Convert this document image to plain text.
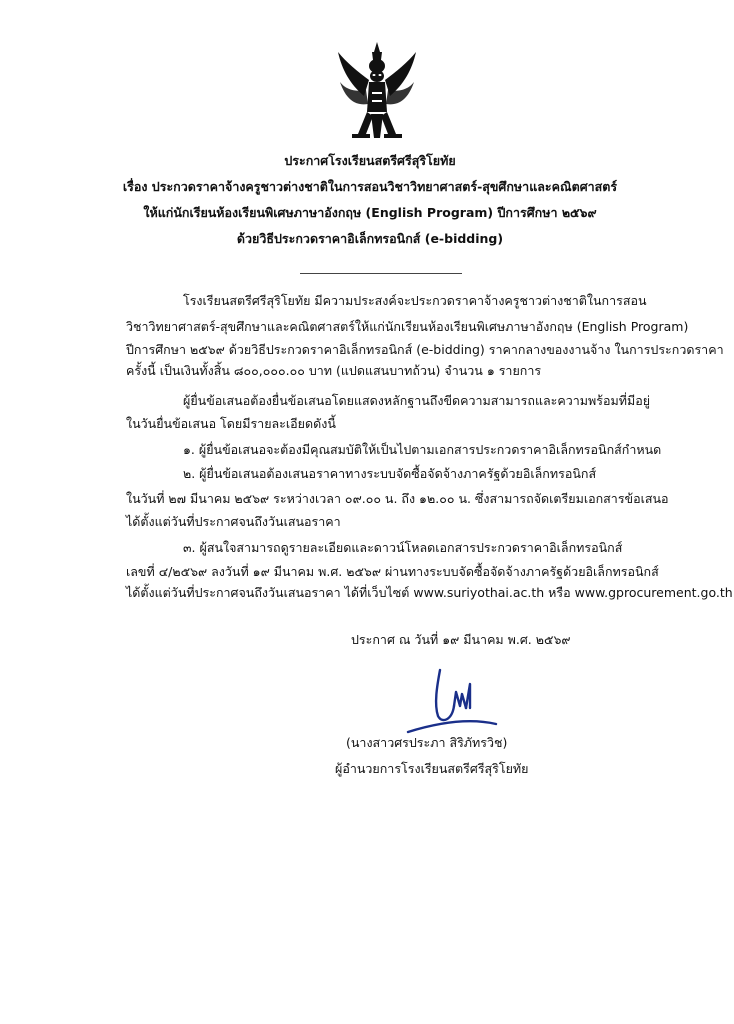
ประกาศโรงเรียนสตรีศรีสุริโยทัย
เรื่อง ประกวดราคาจ้างครูชาวต่างชาติในการสอนวิชาวิทยาศาสตร์-สุขศึกษาและคณิตศาสตร์
ให้แก่นักเรียนห้องเรียนพิเศษภาษาอังกฤษ (English Program) ปีการศึกษา ๒๕๖๙
ด้วยวิธีประกวดราคาอิเล็กทรอนิกส์ (e-bidding)
โรงเรียนสตรีศรีสุริโยทัย มีความประสงค์จะประกวดราคาจ้างครูชาวต่างชาติในการสอน
วิชาวิทยาศาสตร์-สุขศึกษาและคณิตศาสตร์ให้แก่นักเรียนห้องเรียนพิเศษภาษาอังกฤษ (English Program)
ปีการศึกษา ๒๕๖๙ ด้วยวิธีประกวดราคาอิเล็กทรอนิกส์ (e-bidding) ราคากลางของงานจ้าง ในการประกวดราคา
ครั้งนี้ เป็นเงินทั้งสิ้น ๘๐๐,๐๐๐.๐๐ บาท (แปดแสนบาทถ้วน) จำนวน ๑ รายการ
ผู้ยื่นข้อเสนอต้องยื่นข้อเสนอโดยแสดงหลักฐานถึงขีดความสามารถและความพร้อมที่มีอยู่
ในวันยื่นข้อเสนอ โดยมีรายละเอียดดังนี้
๑. ผู้ยื่นข้อเสนอจะต้องมีคุณสมบัติให้เป็นไปตามเอกสารประกวดราคาอิเล็กทรอนิกส์กำหนด
๒. ผู้ยื่นข้อเสนอต้องเสนอราคาทางระบบจัดซื้อจัดจ้างภาครัฐด้วยอิเล็กทรอนิกส์
ในวันที่ ๒๗ มีนาคม ๒๕๖๙ ระหว่างเวลา ๐๙.๐๐ น. ถึง ๑๒.๐๐ น. ซึ่งสามารถจัดเตรียมเอกสารข้อเสนอ
ได้ตั้งแต่วันที่ประกาศจนถึงวันเสนอราคา
๓. ผู้สนใจสามารถดูรายละเอียดและดาวน์โหลดเอกสารประกวดราคาอิเล็กทรอนิกส์
เลขที่ ๔/๒๕๖๙ ลงวันที่ ๑๙ มีนาคม พ.ศ. ๒๕๖๙ ผ่านทางระบบจัดซื้อจัดจ้างภาครัฐด้วยอิเล็กทรอนิกส์
ได้ตั้งแต่วันที่ประกาศจนถึงวันเสนอราคา ได้ที่เว็บไซต์ www.suriyothai.ac.th หรือ www.gprocurement.go.th
ประกาศ ณ วันที่ ๑๙ มีนาคม พ.ศ. ๒๕๖๙
(นางสาวศรประภา สิริภัทรวิช)
ผู้อำนวยการโรงเรียนสตรีศรีสุริโยทัย
